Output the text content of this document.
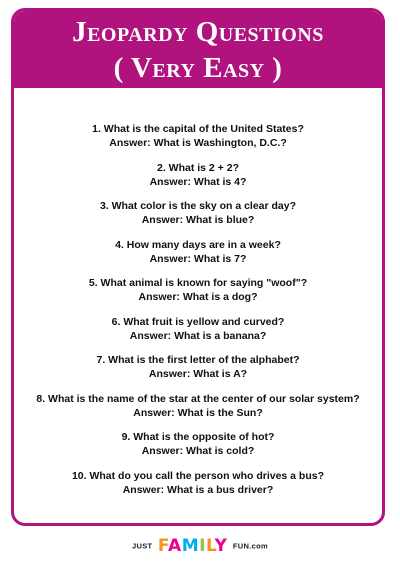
Jeopardy Questions
( Very Easy )
1. What is the capital of the United States?
Answer: What is Washington, D.C.?
2. What is 2 + 2?
Answer: What is 4?
3. What color is the sky on a clear day?
Answer: What is blue?
4. How many days are in a week?
Answer: What is 7?
5. What animal is known for saying "woof"?
Answer: What is a dog?
6. What fruit is yellow and curved?
Answer: What is a banana?
7. What is the first letter of the alphabet?
Answer: What is A?
8. What is the name of the star at the center of our solar system?
Answer: What is the Sun?
9. What is the opposite of hot?
Answer: What is cold?
10. What do you call the person who drives a bus?
Answer: What is a bus driver?
JUST FAMILY FUN.com
